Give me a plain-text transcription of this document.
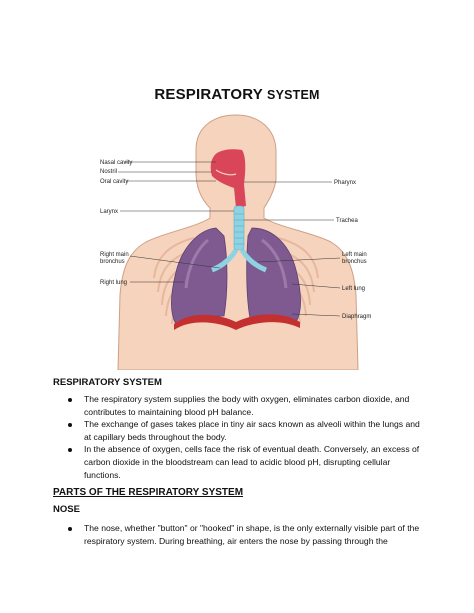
RESPIRATORY SYSTEM
Nasal cavity
Nostril
Oral cavity
Larynx
Right main
bronchus
Right lung
Pharynx
Trachea
Left main
bronchus
Left lung
Diaphragm
RESPIRATORY SYSTEM
The respiratory system supplies the body with oxygen, eliminates carbon dioxide, and contributes to maintaining blood pH balance.
The exchange of gases takes place in tiny air sacs known as alveoli within the lungs and at capillary beds throughout the body.
In the absence of oxygen, cells face the risk of eventual death. Conversely, an excess of carbon dioxide in the bloodstream can lead to acidic blood pH, disrupting cellular functions.
PARTS OF THE RESPIRATORY SYSTEM
NOSE
The nose, whether "button" or "hooked" in shape, is the only externally visible part of the respiratory system. During breathing, air enters the nose by passing through the
